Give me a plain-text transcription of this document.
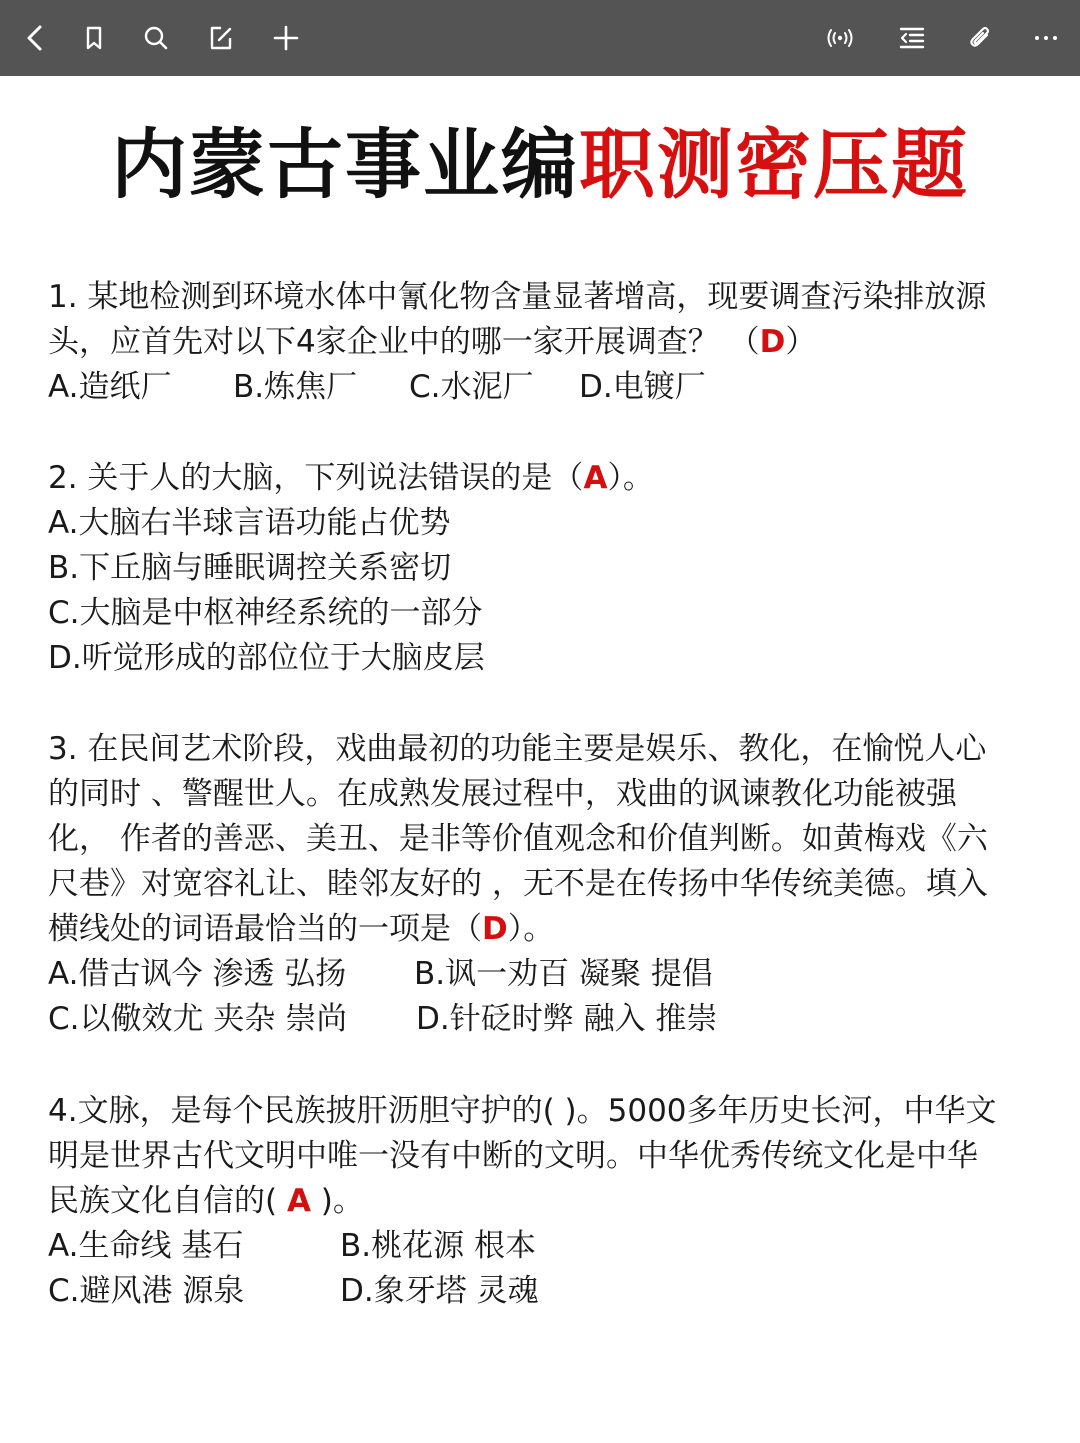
内蒙古事业编职测密压题

1. 某地检测到环境水体中氰化物含量显著增高，现要调查污染排放源

头，应首先对以下4家企业中的哪一家开展调查？ （D）

A.造纸厂	B.炼焦厂	C.水泥厂	D.电镀厂

2. 关于人的大脑，下列说法错误的是（A）。

A.大脑右半球言语功能占优势

B.下丘脑与睡眠调控关系密切

C.大脑是中枢神经系统的一部分

D.听觉形成的部位位于大脑皮层

3. 在民间艺术阶段，戏曲最初的功能主要是娱乐、教化，在愉悦人心

的同时 、警醒世人。在成熟发展过程中，戏曲的讽谏教化功能被强

化， 作者的善恶、美丑、是非等价值观念和价值判断。如黄梅戏《六

尺巷》对宽容礼让、睦邻友好的 ，无不是在传扬中华传统美德。填入

横线处的词语最恰当的一项是（D）。

A.借古讽今 渗透 弘扬	B.讽一劝百 凝聚 提倡
C.以儆效尤 夹杂 崇尚	D.针砭时弊 融入 推崇

4.文脉，是每个民族披肝沥胆守护的( )。5000多年历史长河，中华文

明是世界古代文明中唯一没有中断的文明。中华优秀传统文化是中华

民族文化自信的( A )。

A.生命线 基石	B.桃花源 根本
C.避风港 源泉	D.象牙塔 灵魂
